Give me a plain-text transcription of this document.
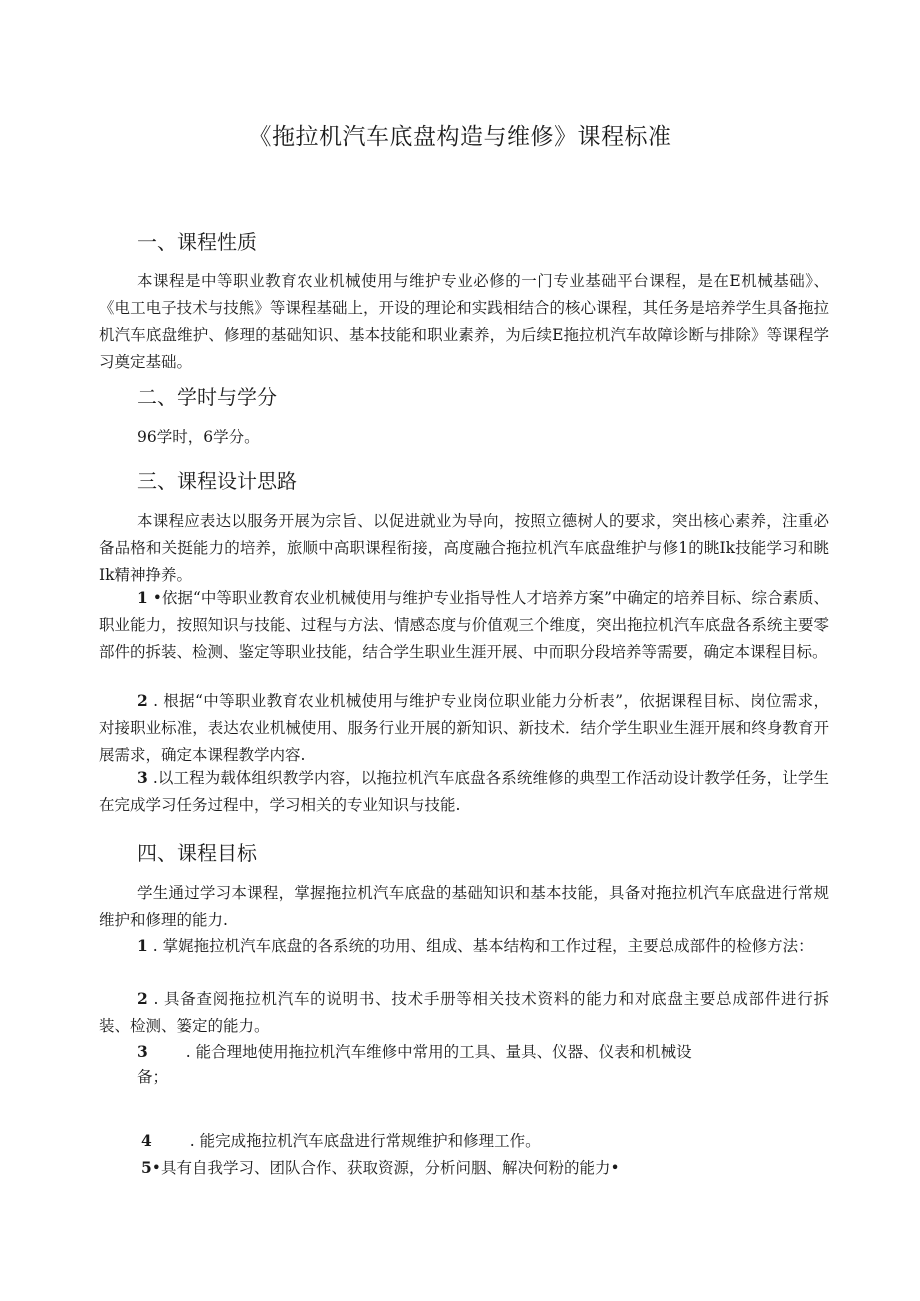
《拖拉机汽车底盘构造与维修》课程标准
一、课程性质
本课程是中等职业教育农业机械使用与维护专业必修的一门专业基础平台课程，是在E机械基础》、《电工电子技术与技熊》等课程基础上，开设的理论和实践相结合的核心课程，其任务是培养学生具备拖拉机汽车底盘维护、修理的基础知识、基本技能和职业素养，为后续E拖拉机汽车故障诊断与排除》等课程学习奠定基础。
二、学时与学分
96学时，6学分。
三、课程设计思路
本课程应表达以服务开展为宗旨、以促进就业为导向，按照立德树人的要求，突出核心素养，注重必备品格和关挺能力的培养，旅顺中高职课程衔接，高度融合拖拉机汽车底盘维护与修1的眺Ik技能学习和眺Ik精神挣养。
1 •依据“中等职业教育农业机械使用与维护专业指导性人才培养方案”中确定的培养目标、综合素质、职业能力，按照知识与技能、过程与方法、情感态度与价值观三个维度，突出拖拉机汽车底盘各系统主要零部件的拆装、检测、鉴定等职业技能，结合学生职业生涯开展、中而职分段培养等需要，确定本课程目标。
2 . 根据“中等职业教育农业机械使用与维护专业岗位职业能力分析表”，依据课程目标、岗位需求，对接职业标准，表达农业机械使用、服务行业开展的新知识、新技术．结介学生职业生涯开展和终身教育开展需求，确定本课程教学内容.
3 .以工程为载体组织教学内容，以拖拉机汽车底盘各系统维修的典型工作活动设计教学任务，让学生在完成学习任务过程中，学习相关的专业知识与技能.
四、课程目标
学生通过学习本课程，掌握拖拉机汽车底盘的基础知识和基本技能，具备对拖拉机汽车底盘进行常规维护和修理的能力.
1 . 掌娓拖拉机汽车底盘的各系统的功用、组成、基本结构和工作过程，主要总成部件的检修方法：
2 . 具备查阅拖拉机汽车的说明书、技术手册等相关技术资料的能力和对底盘主要总成部件进行拆装、检测、篓定的能力。
3 . 能合理地使用拖拉机汽车维修中常用的工具、量具、仪器、仪表和机械设
备；
4 . 能完成拖拉机汽车底盘进行常规维护和修理工作。
5•具有自我学习、团队合作、获取资源，分析问胭、解决何粉的能力•
